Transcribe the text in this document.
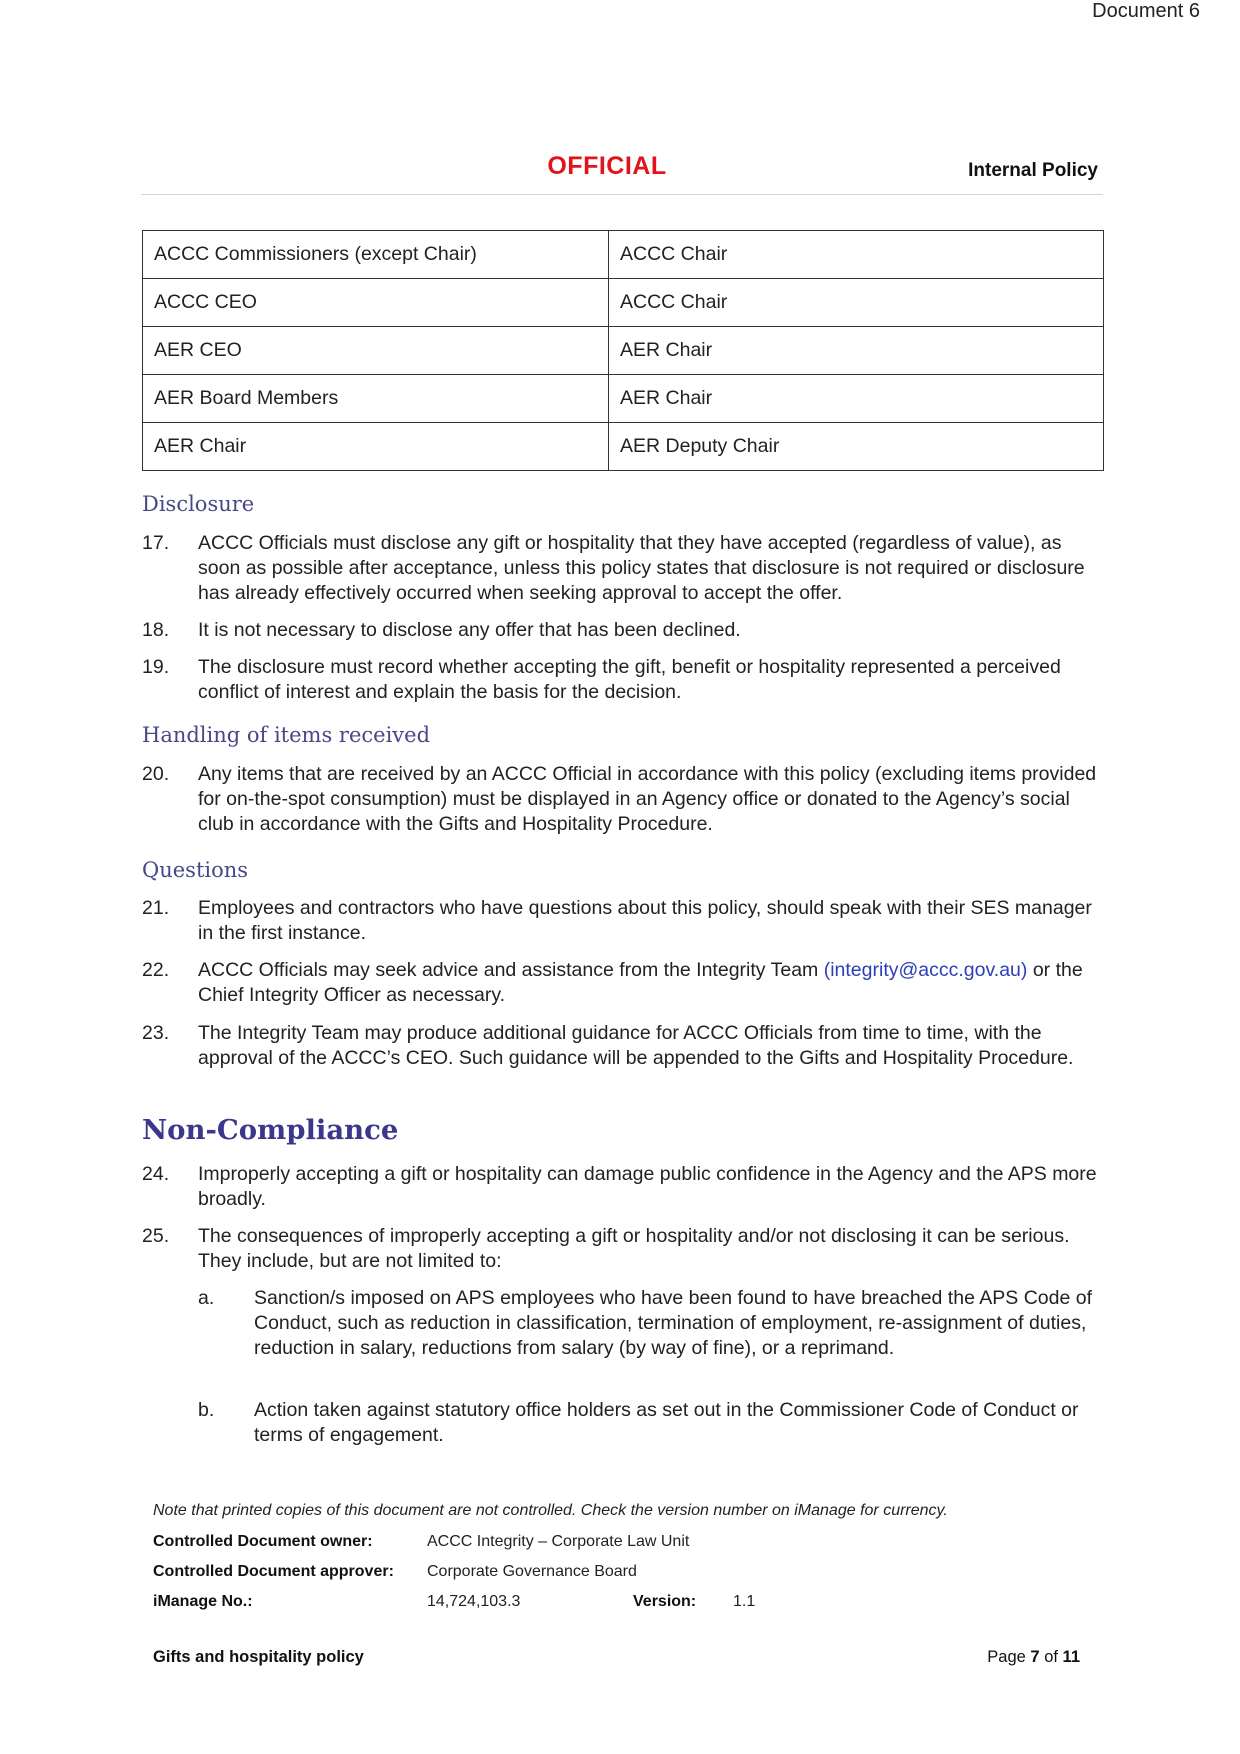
Document 6
OFFICIAL	Internal Policy
ACCC Commissioners (except Chair)	ACCC Chair
ACCC CEO	ACCC Chair
AER CEO	AER Chair
AER Board Members	AER Chair
AER Chair	AER Deputy Chair
Disclosure
17. ACCC Officials must disclose any gift or hospitality that they have accepted (regardless of value), as soon as possible after acceptance, unless this policy states that disclosure is not required or disclosure has already effectively occurred when seeking approval to accept the offer.
18. It is not necessary to disclose any offer that has been declined.
19. The disclosure must record whether accepting the gift, benefit or hospitality represented a perceived conflict of interest and explain the basis for the decision.
Handling of items received
20. Any items that are received by an ACCC Official in accordance with this policy (excluding items provided for on-the-spot consumption) must be displayed in an Agency office or donated to the Agency’s social club in accordance with the Gifts and Hospitality Procedure.
Questions
21. Employees and contractors who have questions about this policy, should speak with their SES manager in the first instance.
22. ACCC Officials may seek advice and assistance from the Integrity Team (integrity@accc.gov.au) or the Chief Integrity Officer as necessary.
23. The Integrity Team may produce additional guidance for ACCC Officials from time to time, with the approval of the ACCC’s CEO. Such guidance will be appended to the Gifts and Hospitality Procedure.
Non-Compliance
24. Improperly accepting a gift or hospitality can damage public confidence in the Agency and the APS more broadly.
25. The consequences of improperly accepting a gift or hospitality and/or not disclosing it can be serious. They include, but are not limited to:
a. Sanction/s imposed on APS employees who have been found to have breached the APS Code of Conduct, such as reduction in classification, termination of employment, re-assignment of duties, reduction in salary, reductions from salary (by way of fine), or a reprimand.
b. Action taken against statutory office holders as set out in the Commissioner Code of Conduct or terms of engagement.
Note that printed copies of this document are not controlled. Check the version number on iManage for currency.
Controlled Document owner:	ACCC Integrity – Corporate Law Unit
Controlled Document approver: Corporate Governance Board
iManage No.:	14,724,103.3	Version: 1.1
Gifts and hospitality policy	Page 7 of 11
